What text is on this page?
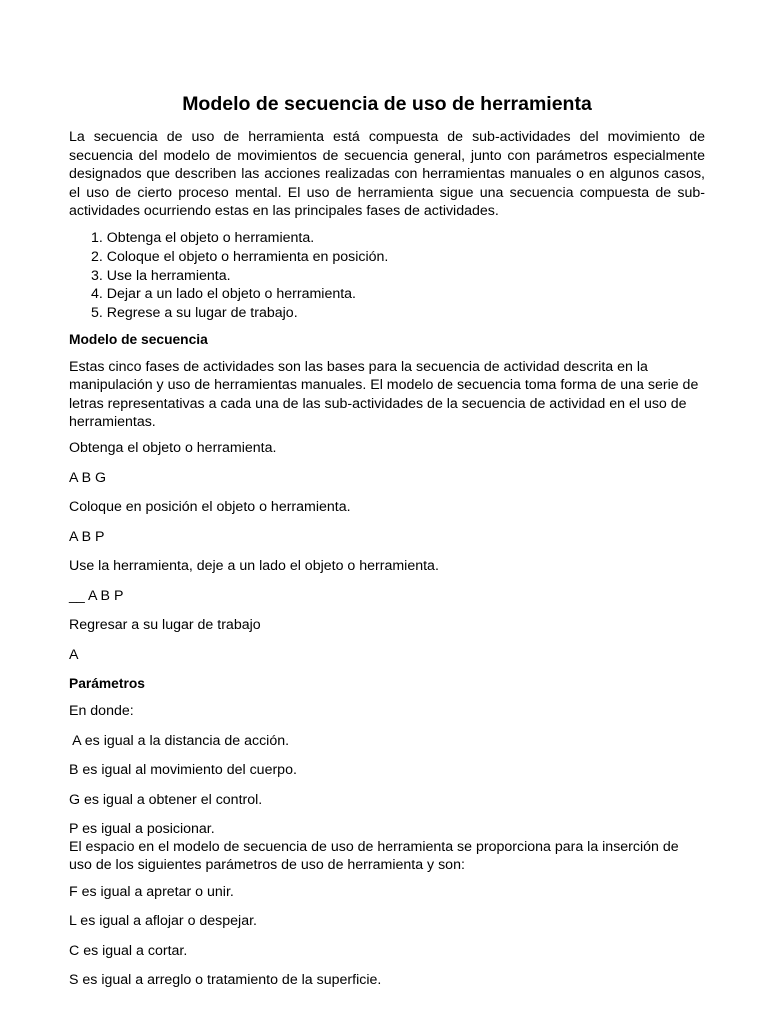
Modelo de secuencia de uso de herramienta

La secuencia de uso de herramienta está compuesta de sub-actividades del movimiento de secuencia del modelo de movimientos de secuencia general, junto con parámetros especialmente designados que describen las acciones realizadas con herramientas manuales o en algunos casos, el uso de cierto proceso mental. El uso de herramienta sigue una secuencia compuesta de sub-actividades ocurriendo estas en las principales fases de actividades.

1. Obtenga el objeto o herramienta.
2. Coloque el objeto o herramienta en posición.
3. Use la herramienta.
4. Dejar a un lado el objeto o herramienta.
5. Regrese a su lugar de trabajo.
Modelo de secuencia

Estas cinco fases de actividades son las bases para la secuencia de actividad descrita en la manipulación y uso de herramientas manuales. El modelo de secuencia toma forma de una serie de letras representativas a cada una de las sub-actividades de la secuencia de actividad en el uso de herramientas.

Obtenga el objeto o herramienta.

A B G

Coloque en posición el objeto o herramienta.

A B P

Use la herramienta, deje a un lado el objeto o herramienta.

__ A B P

Regresar a su lugar de trabajo

A

Parámetros

En donde:

A es igual a la distancia de acción.

B es igual al movimiento del cuerpo.

G es igual a obtener el control.

P es igual a posicionar.

El espacio en el modelo de secuencia de uso de herramienta se proporciona para la inserción de uso de los siguientes parámetros de uso de herramienta y son:

F es igual a apretar o unir.

L es igual a aflojar o despejar.

C es igual a cortar.

S es igual a arreglo o tratamiento de la superficie.
